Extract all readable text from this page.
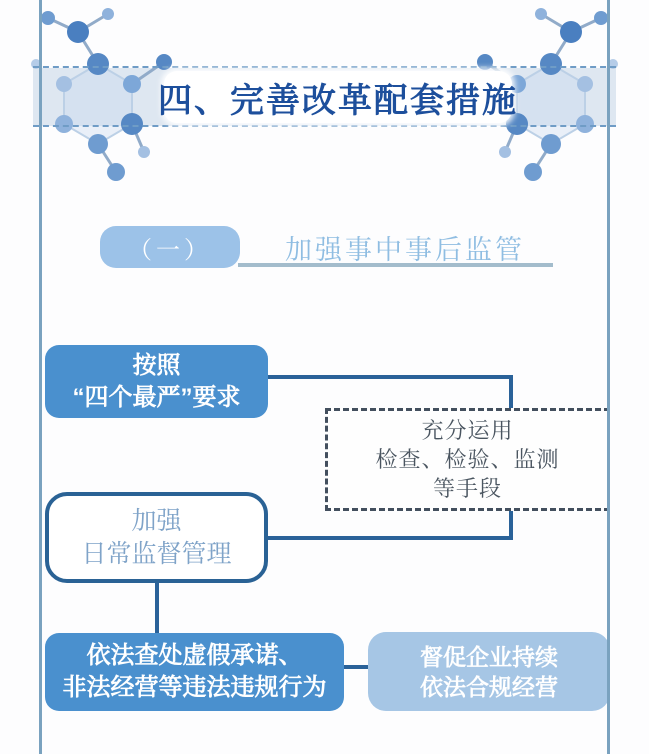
四、完善改革配套措施
（一）	加强事中事后监管
按照
“四个最严”要求
充分运用
检查、检验、监测
等手段
加强
日常监督管理
依法查处虚假承诺、
非法经营等违法违规行为
督促企业持续
依法合规经营
